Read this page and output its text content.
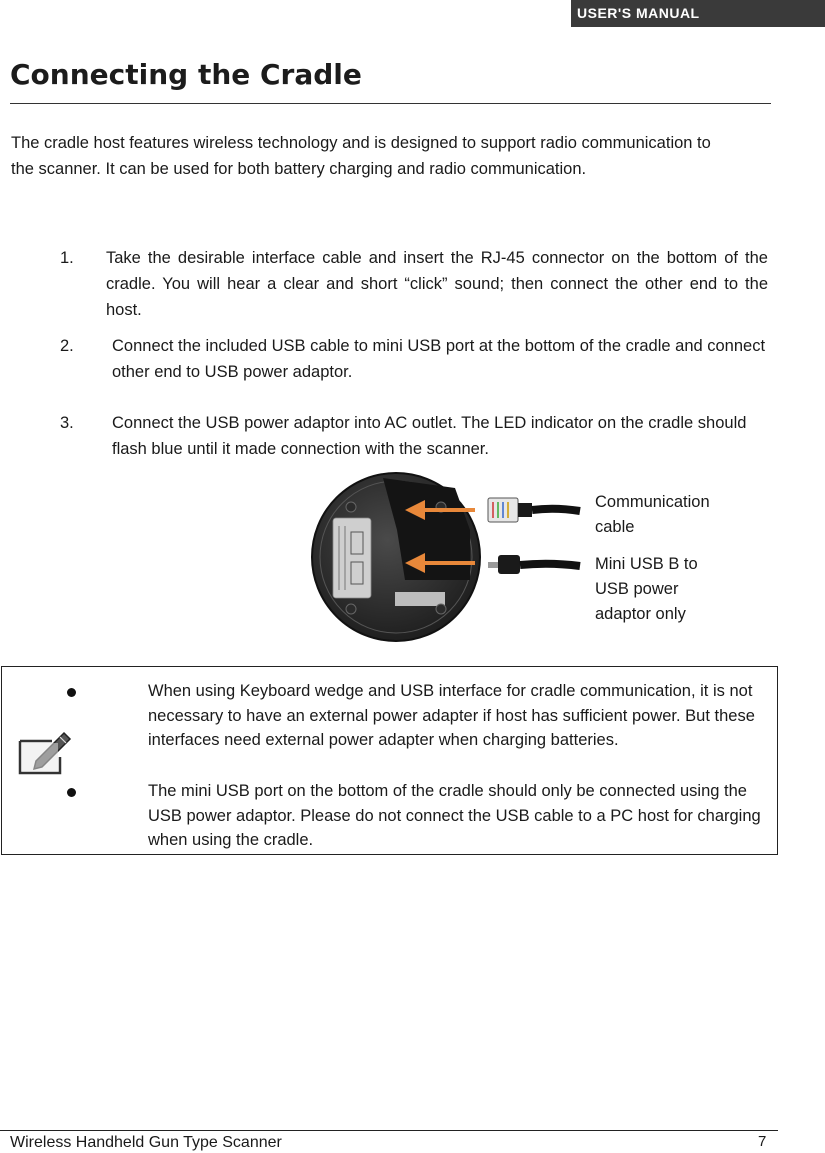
USER'S MANUAL
Connecting the Cradle

The cradle host features wireless technology and is designed to support radio communication to the scanner. It can be used for both battery charging and radio communication.

1. Take the desirable interface cable and insert the RJ-45 connector on the bottom of the cradle. You will hear a clear and short “click” sound; then connect the other end to the host.
2. Connect the included USB cable to mini USB port at the bottom of the cradle and connect other end to USB power adaptor.
3. Connect the USB power adaptor into AC outlet. The LED indicator on the cradle should flash blue until it made connection with the scanner.
Communication cable
Mini USB B to USB power adaptor only
When using Keyboard wedge and USB interface for cradle communication, it is not necessary to have an external power adapter if host has sufficient power. But these interfaces need external power adapter when charging batteries.
The mini USB port on the bottom of the cradle should only be connected using the USB power adaptor. Please do not connect the USB cable to a PC host for charging when using the cradle.
Wireless Handheld Gun Type Scanner	7
